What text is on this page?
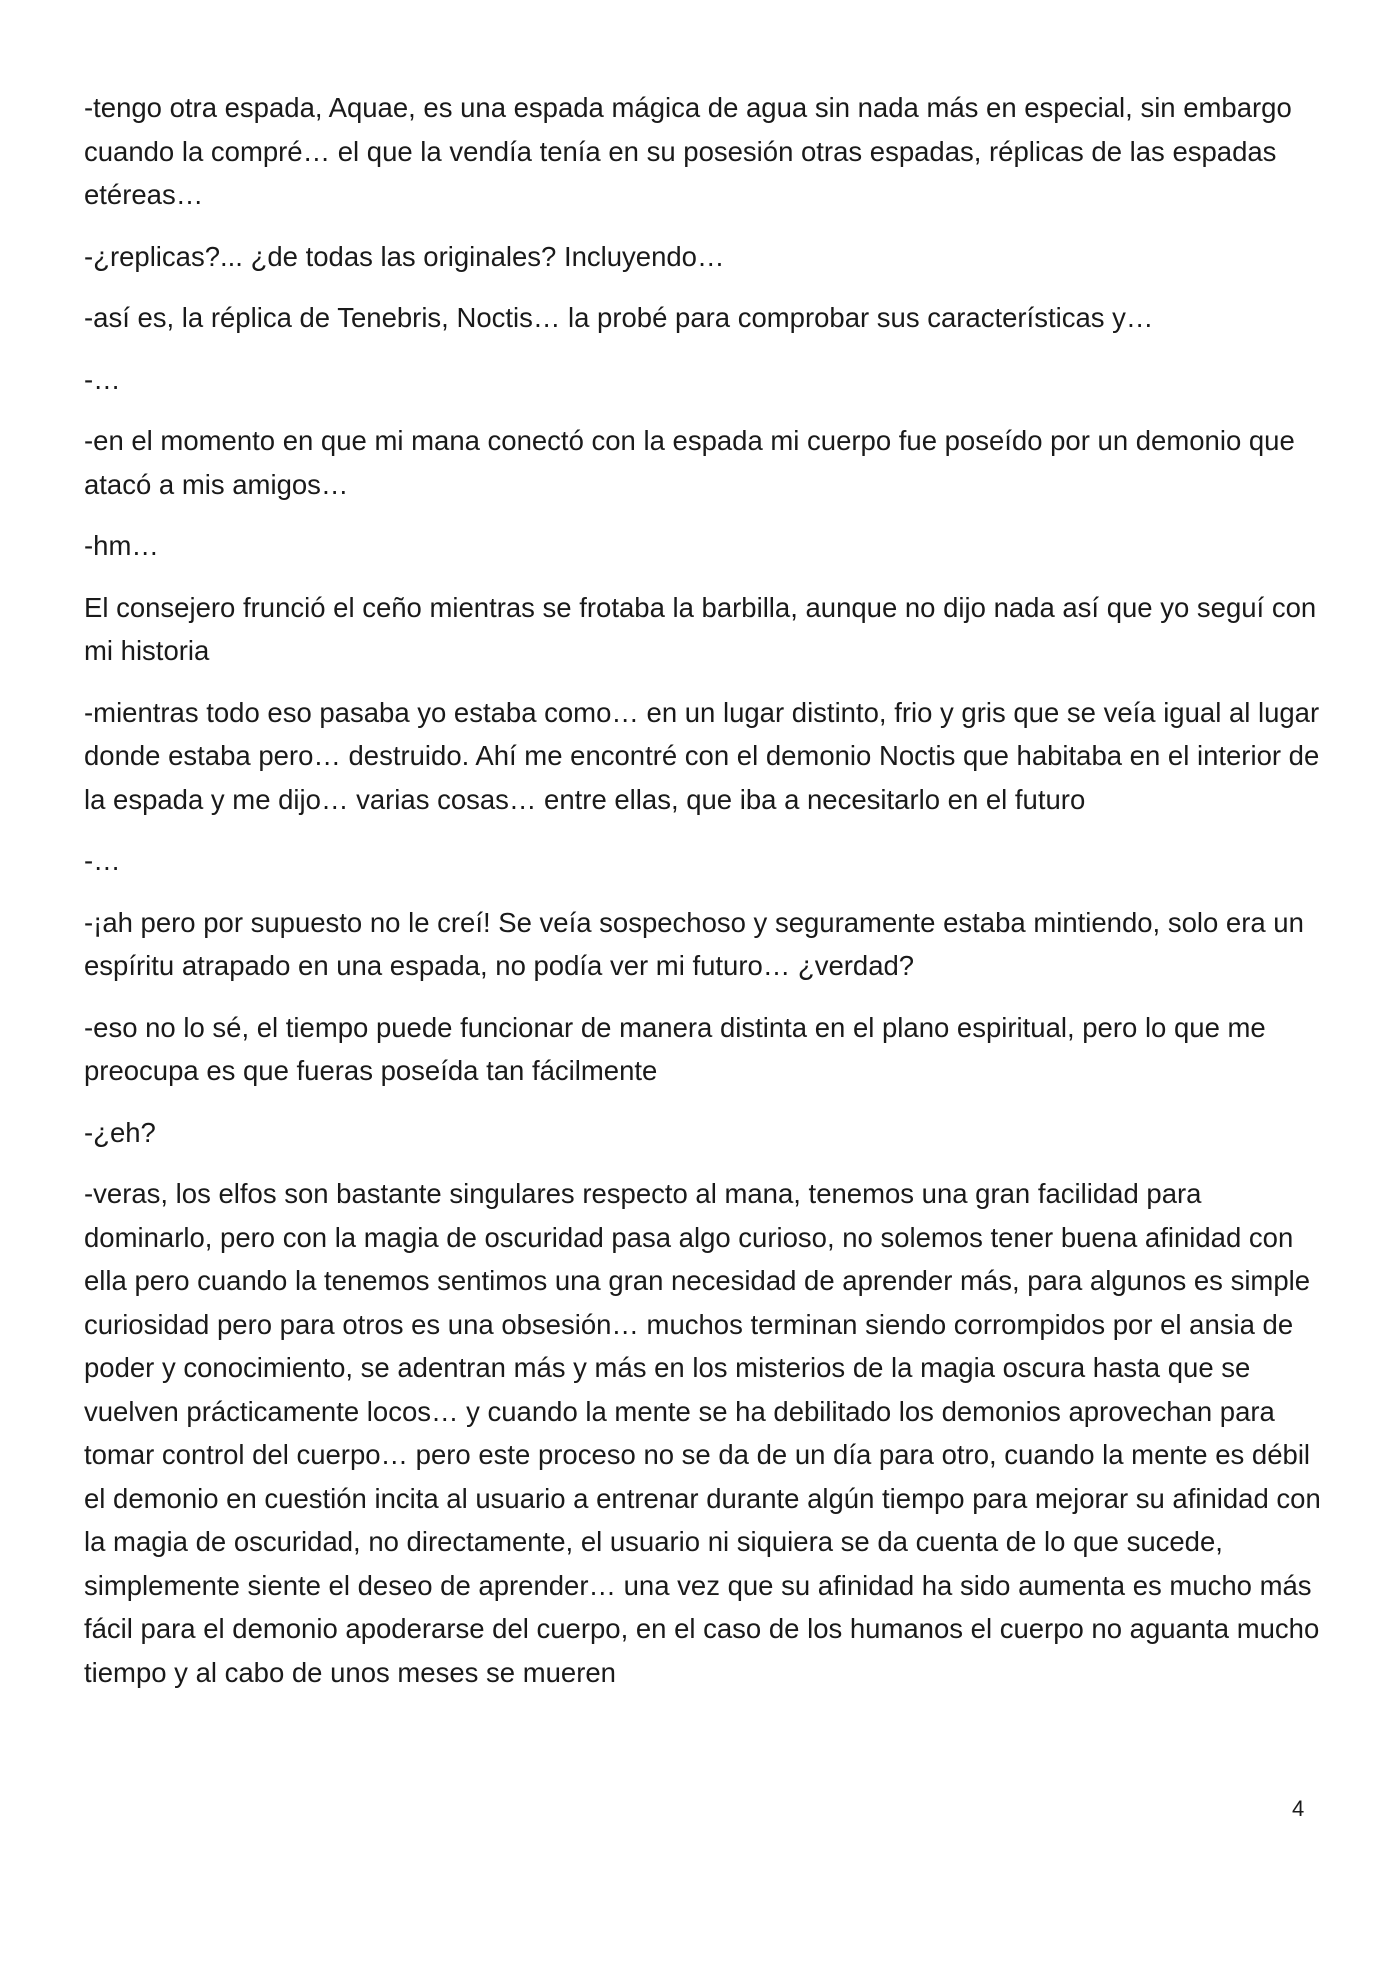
-tengo otra espada, Aquae, es una espada mágica de agua sin nada más en especial, sin embargo cuando la compré… el que la vendía tenía en su posesión otras espadas, réplicas de las espadas etéreas…

-¿replicas?... ¿de todas las originales? Incluyendo…

-así es, la réplica de Tenebris, Noctis… la probé para comprobar sus características y…

-…

-en el momento en que mi mana conectó con la espada mi cuerpo fue poseído por un demonio que atacó a mis amigos…

-hm…

El consejero frunció el ceño mientras se frotaba la barbilla, aunque no dijo nada así que yo seguí con mi historia

-mientras todo eso pasaba yo estaba como… en un lugar distinto, frio y gris que se veía igual al lugar donde estaba pero… destruido. Ahí me encontré con el demonio Noctis que habitaba en el interior de la espada y me dijo… varias cosas… entre ellas, que iba a necesitarlo en el futuro

-…

-¡ah pero por supuesto no le creí! Se veía sospechoso y seguramente estaba mintiendo, solo era un espíritu atrapado en una espada, no podía ver mi futuro… ¿verdad?

-eso no lo sé, el tiempo puede funcionar de manera distinta en el plano espiritual, pero lo que me preocupa es que fueras poseída tan fácilmente

-¿eh?

-veras, los elfos son bastante singulares respecto al mana, tenemos una gran facilidad para dominarlo, pero con la magia de oscuridad pasa algo curioso, no solemos tener buena afinidad con ella pero cuando la tenemos sentimos una gran necesidad de aprender más, para algunos es simple curiosidad pero para otros es una obsesión… muchos terminan siendo corrompidos por el ansia de poder y conocimiento, se adentran más y más en los misterios de la magia oscura hasta que se vuelven prácticamente locos… y cuando la mente se ha debilitado los demonios aprovechan para tomar control del cuerpo… pero este proceso no se da de un día para otro, cuando la mente es débil el demonio en cuestión incita al usuario a entrenar durante algún tiempo para mejorar su afinidad con la magia de oscuridad, no directamente, el usuario ni siquiera se da cuenta de lo que sucede, simplemente siente el deseo de aprender… una vez que su afinidad ha sido aumenta es mucho más fácil para el demonio apoderarse del cuerpo, en el caso de los humanos el cuerpo no aguanta mucho tiempo y al cabo de unos meses se mueren

4
